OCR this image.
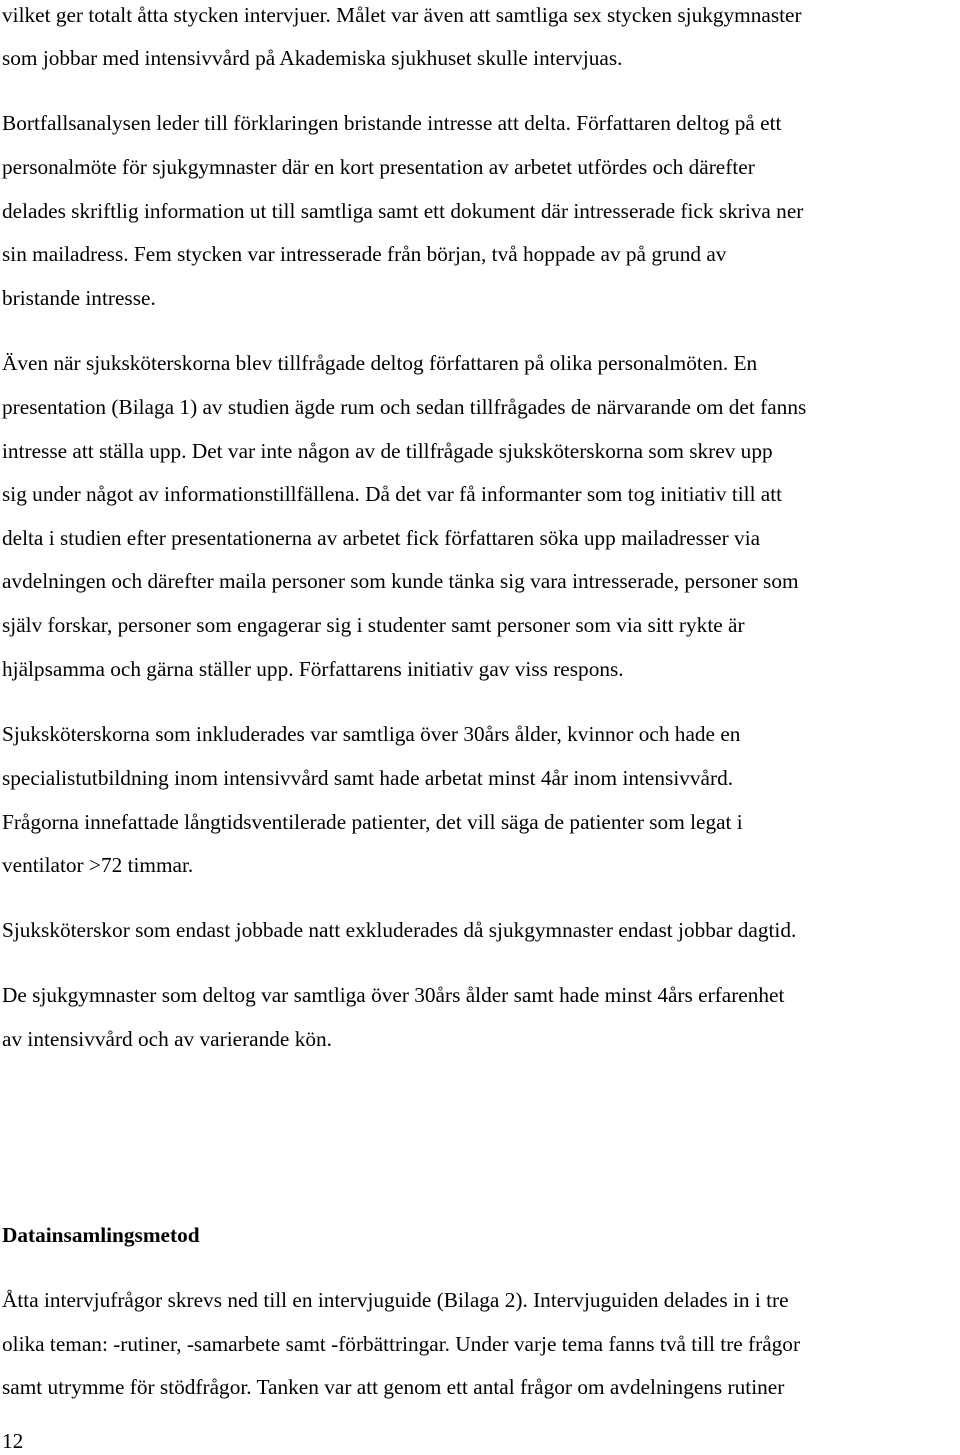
vilket ger totalt åtta stycken intervjuer. Målet var även att samtliga sex stycken sjukgymnaster
som jobbar med intensivvård på Akademiska sjukhuset skulle intervjuas.
Bortfallsanalysen leder till förklaringen bristande intresse att delta. Författaren deltog på ett
personalmöte för sjukgymnaster där en kort presentation av arbetet utfördes och därefter
delades skriftlig information ut till samtliga samt ett dokument där intresserade fick skriva ner
sin mailadress. Fem stycken var intresserade från början, två hoppade av på grund av
bristande intresse.
Även när sjuksköterskorna blev tillfrågade deltog författaren på olika personalmöten. En
presentation (Bilaga 1) av studien ägde rum och sedan tillfrågades de närvarande om det fanns
intresse att ställa upp. Det var inte någon av de tillfrågade sjuksköterskorna som skrev upp
sig under något av informationstillfällena. Då det var få informanter som tog initiativ till att
delta i studien efter presentationerna av arbetet fick författaren söka upp mailadresser via
avdelningen och därefter maila personer som kunde tänka sig vara intresserade, personer som
själv forskar, personer som engagerar sig i studenter samt personer som via sitt rykte är
hjälpsamma och gärna ställer upp. Författarens initiativ gav viss respons.
Sjuksköterskorna som inkluderades var samtliga över 30års ålder, kvinnor och hade en
specialistutbildning inom intensivvård samt hade arbetat minst 4år inom intensivvård.
Frågorna innefattade långtidsventilerade patienter, det vill säga de patienter som legat i
ventilator >72 timmar.
Sjuksköterskor som endast jobbade natt exkluderades då sjukgymnaster endast jobbar dagtid.
De sjukgymnaster som deltog var samtliga över 30års ålder samt hade minst 4års erfarenhet
av intensivvård och av varierande kön.
Datainsamlingsmetod
Åtta intervjufrågor skrevs ned till en intervjuguide (Bilaga 2). Intervjuguiden delades in i tre
olika teman: -rutiner, -samarbete samt -förbättringar. Under varje tema fanns två till tre frågor
samt utrymme för stödfrågor. Tanken var att genom ett antal frågor om avdelningens rutiner
12
